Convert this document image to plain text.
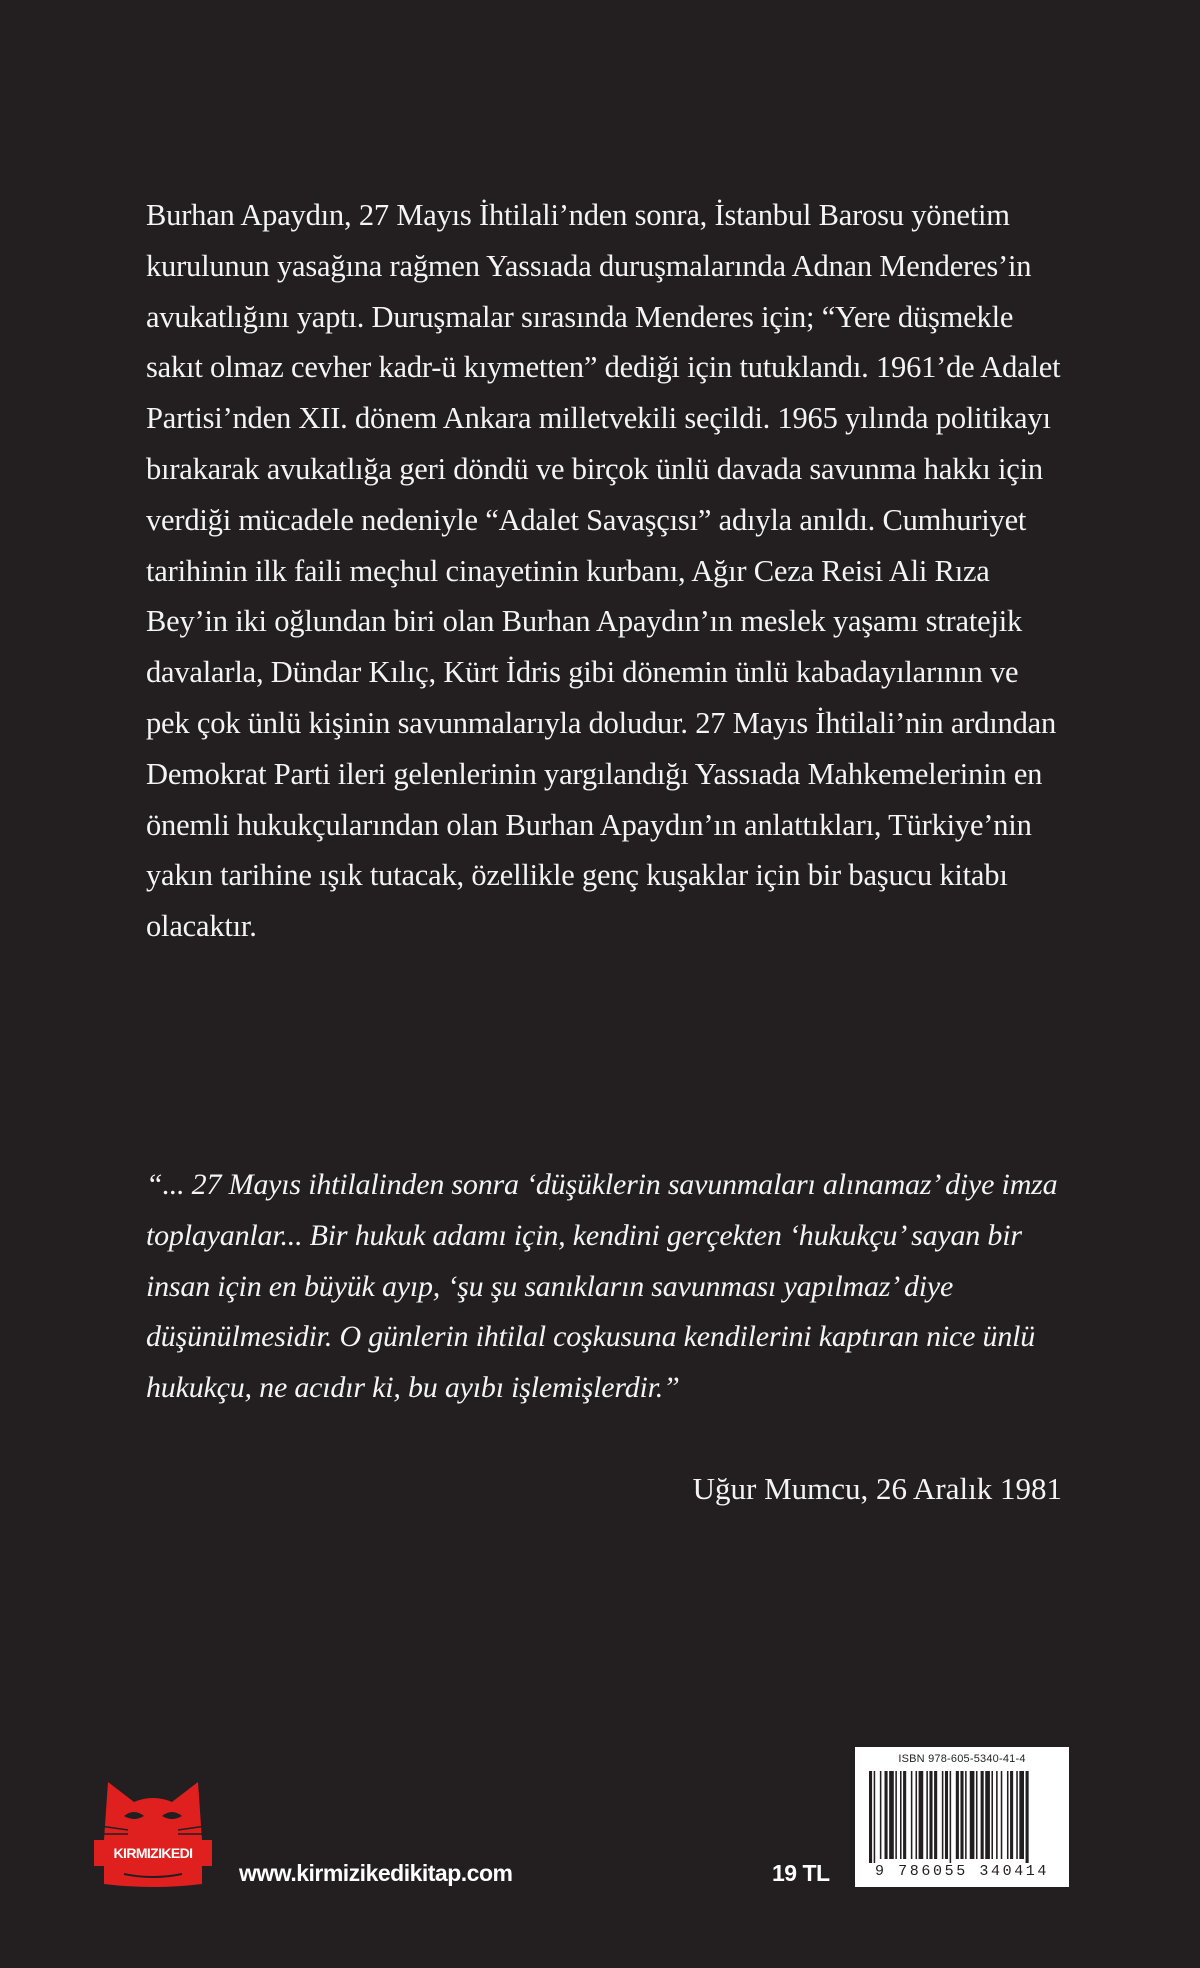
Burhan Apaydın, 27 Mayıs İhtilali’nden sonra, İstanbul Barosu yönetim kurulunun yasağına rağmen Yassıada duruşmalarında Adnan Menderes’in avukatlığını yaptı. Duruşmalar sırasında Menderes için; “Yere düşmekle sakıt olmaz cevher kadr-ü kıymetten” dediği için tutuklandı. 1961’de Adalet Partisi’nden XII. dönem Ankara milletvekili seçildi. 1965 yılında politikayı bırakarak avukatlığa geri döndü ve birçok ünlü davada savunma hakkı için verdiği mücadele nedeniyle “Adalet Savaşçısı” adıyla anıldı. Cumhuriyet tarihinin ilk faili meçhul cinayetinin kurbanı, Ağır Ceza Reisi Ali Rıza Bey’in iki oğlundan biri olan Burhan Apaydın’ın meslek yaşamı stratejik davalarla, Dündar Kılıç, Kürt İdris gibi dönemin ünlü kabadayılarının ve pek çok ünlü kişinin savunmalarıyla doludur. 27 Mayıs İhtilali’nin ardından Demokrat Parti ileri gelenlerinin yargılandığı Yassıada Mahkemelerinin en önemli hukukçularından olan Burhan Apaydın’ın anlattıkları, Türkiye’nin yakın tarihine ışık tutacak, özellikle genç kuşaklar için bir başucu kitabı olacaktır.

“... 27 Mayıs ihtilalinden sonra ‘düşüklerin savunmaları alınamaz’ diye imza toplayanlar... Bir hukuk adamı için, kendini gerçekten ‘hukukçu’ sayan bir insan için en büyük ayıp, ‘şu şu sanıkların savunması yapılmaz’ diye düşünülmesidir. O günlerin ihtilal coşkusuna kendilerini kaptıran nice ünlü hukukçu, ne acıdır ki, bu ayıbı işlemişlerdir.”

Uğur Mumcu, 26 Aralık 1981

KIRMIZIKEDI
www.kirmizikedikitap.com	19 TL
ISBN 978-605-5340-41-4
9 786055 340414
